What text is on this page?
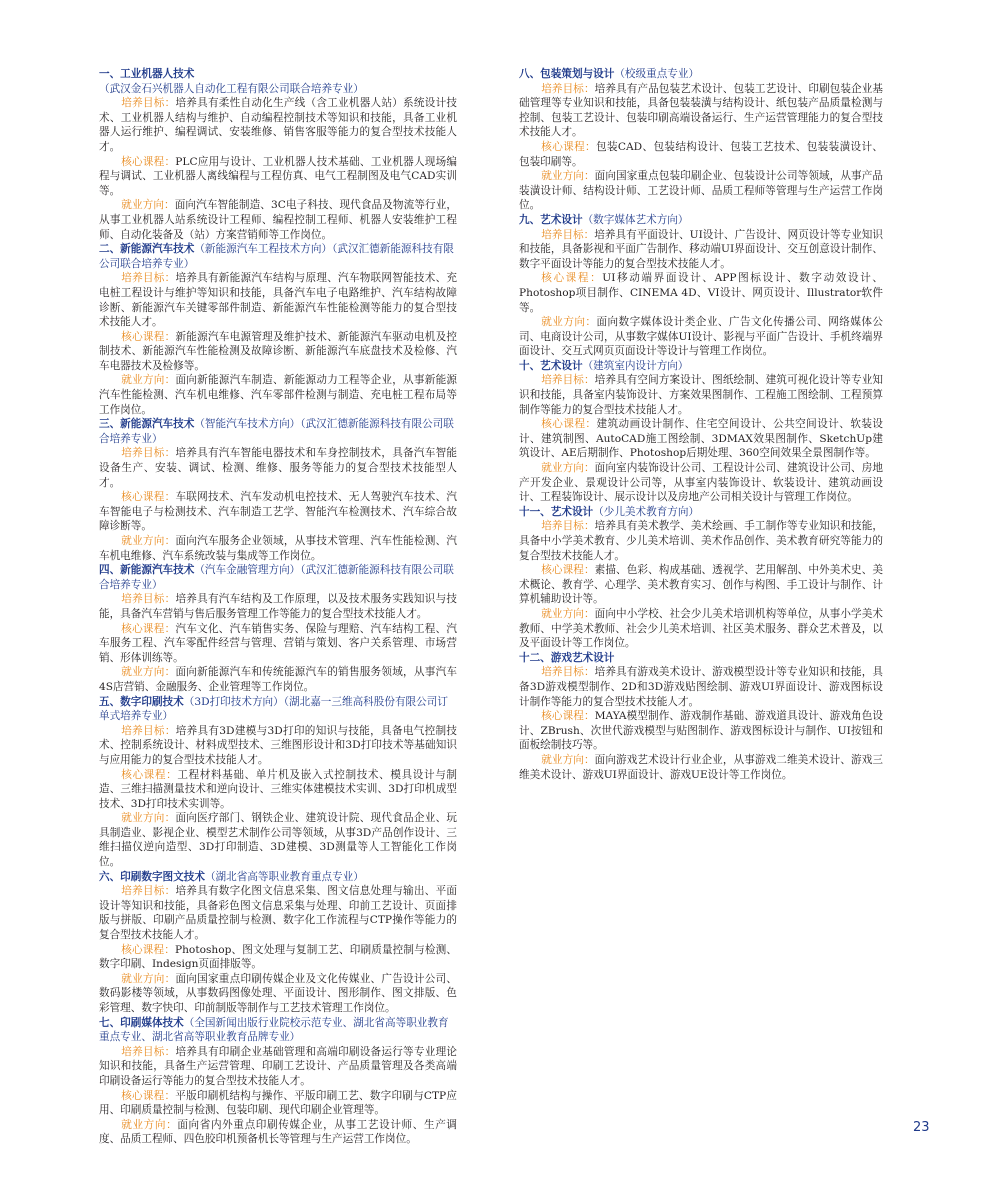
一、工业机器人技术（武汉金石兴机器人自动化工程有限公司联合培养专业）
培养目标：培养具有柔性自动化生产线（含工业机器人站）系统设计技术、工业机器人结构与维护、自动编程控制技术等知识和技能，具备工业机器人运行维护、编程调试、安装维修、销售客服等能力的复合型技术技能人才。
核心课程：PLC应用与设计、工业机器人技术基础、工业机器人现场编程与调试、工业机器人离线编程与工程仿真、电气工程制图及电气CAD实训等。
就业方向：面向汽车智能制造、3C电子科技、现代食品及物流等行业，从事工业机器人站系统设计工程师、编程控制工程师、机器人安装维护工程师、自动化装备及（站）方案营销师等工作岗位。
二、新能源汽车技术（新能源汽车工程技术方向）（武汉汇德新能源科技有限公司联合培养专业）
培养目标：培养具有新能源汽车结构与原理、汽车物联网智能技术、充电桩工程设计与维护等知识和技能，具备汽车电子电路维护、汽车结构故障诊断、新能源汽车关键零部件制造、新能源汽车性能检测等能力的复合型技术技能人才。
核心课程：新能源汽车电源管理及维护技术、新能源汽车驱动电机及控制技术、新能源汽车性能检测及故障诊断、新能源汽车底盘技术及检修、汽车电器技术及检修等。
就业方向：面向新能源汽车制造、新能源动力工程等企业，从事新能源汽车性能检测、汽车机电维修、汽车零部件检测与制造、充电桩工程布局等工作岗位。
三、新能源汽车技术（智能汽车技术方向）（武汉汇德新能源科技有限公司联合培养专业）
培养目标：培养具有汽车智能电器技术和车身控制技术，具备汽车智能设备生产、安装、调试、检测、维修、服务等能力的复合型技术技能型人才。
核心课程：车联网技术、汽车发动机电控技术、无人驾驶汽车技术、汽车智能电子与检测技术、汽车制造工艺学、智能汽车检测技术、汽车综合故障诊断等。
就业方向：面向汽车服务企业领域，从事技术管理、汽车性能检测、汽车机电维修、汽车系统改装与集成等工作岗位。
四、新能源汽车技术（汽车金融管理方向）（武汉汇德新能源科技有限公司联合培养专业）
培养目标：培养具有汽车结构及工作原理，以及技术服务实践知识与技能，具备汽车营销与售后服务管理工作等能力的复合型技术技能人才。
核心课程：汽车文化、汽车销售实务、保险与理赔、汽车结构工程、汽车服务工程、汽车零配件经营与管理、营销与策划、客户关系管理、市场营销、形体训练等。
就业方向：面向新能源汽车和传统能源汽车的销售服务领域，从事汽车4S店营销、金融服务、企业管理等工作岗位。
五、数字印刷技术（3D打印技术方向）（湖北嘉一三维高科股份有限公司订单式培养专业）
培养目标：培养具有3D建模与3D打印的知识与技能，具备电气控制技术、控制系统设计、材料成型技术、三维图形设计和3D打印技术等基础知识与应用能力的复合型技术技能人才。
核心课程：工程材料基础、单片机及嵌入式控制技术、模具设计与制造、三维扫描测量技术和逆向设计、三维实体建模技术实训、3D打印机成型技术、3D打印技术实训等。
就业方向：面向医疗部门、钢铁企业、建筑设计院、现代食品企业、玩具制造业、影视企业、模型艺术制作公司等领域，从事3D产品创作设计、三维扫描仪逆向造型、3D打印制造、3D建模、3D测量等人工智能化工作岗位。
六、印刷数字图文技术（湖北省高等职业教育重点专业）
培养目标：培养具有数字化图文信息采集、图文信息处理与输出、平面设计等知识和技能，具备彩色图文信息采集与处理、印前工艺设计、页面排版与拼版、印刷产品质量控制与检测、数字化工作流程与CTP操作等能力的复合型技术技能人才。
核心课程：Photoshop、图文处理与复制工艺、印刷质量控制与检测、数字印刷、Indesign页面排版等。
就业方向：面向国家重点印刷传媒企业及文化传媒业、广告设计公司、数码影楼等领域，从事数码图像处理、平面设计、图形制作、图文排版、色彩管理、数字快印、印前制版等制作与工艺技术管理工作岗位。
七、印刷媒体技术（全国新闻出版行业院校示范专业、湖北省高等职业教育重点专业、湖北省高等职业教育品牌专业）
培养目标：培养具有印刷企业基础管理和高端印刷设备运行等专业理论知识和技能，具备生产运营管理、印刷工艺设计、产品质量管理及各类高端印刷设备运行等能力的复合型技术技能人才。
核心课程：平版印刷机结构与操作、平版印刷工艺、数字印刷与CTP应用、印刷质量控制与检测、包装印刷、现代印刷企业管理等。
就业方向：面向省内外重点印刷传媒企业，从事工艺设计师、生产调度、品质工程师、四色胶印机预备机长等管理与生产运营工作岗位。
八、包装策划与设计（校级重点专业）
培养目标：培养具有产品包装艺术设计、包装工艺设计、印刷包装企业基础管理等专业知识和技能，具备包装装潢与结构设计、纸包装产品质量检测与控制、包装工艺设计、包装印刷高端设备运行、生产运营管理能力的复合型技术技能人才。
核心课程：包装CAD、包装结构设计、包装工艺技术、包装装潢设计、包装印刷等。
就业方向：面向国家重点包装印刷企业、包装设计公司等领域，从事产品装潢设计师、结构设计师、工艺设计师、品质工程师等管理与生产运营工作岗位。
九、艺术设计（数字媒体艺术方向）
培养目标：培养具有平面设计、UI设计、广告设计、网页设计等专业知识和技能，具备影视和平面广告制作、移动端UI界面设计、交互创意设计制作、数字平面设计等能力的复合型技术技能人才。
核心课程：UI移动端界面设计、APP图标设计、数字动效设计、Photoshop项目制作、CINEMA 4D、VI设计、网页设计、Illustrator软件等。
就业方向：面向数字媒体设计类企业、广告文化传播公司、网络媒体公司、电商设计公司，从事数字媒体UI设计、影视与平面广告设计、手机终端界面设计、交互式网页页面设计等设计与管理工作岗位。
十、艺术设计（建筑室内设计方向）
培养目标：培养具有空间方案设计、图纸绘制、建筑可视化设计等专业知识和技能，具备室内装饰设计、方案效果图制作、工程施工图绘制、工程预算制作等能力的复合型技术技能人才。
核心课程：建筑动画设计制作、住宅空间设计、公共空间设计、软装设计、建筑制图、AutoCAD施工图绘制、3DMAX效果图制作、SketchUp建筑设计、AE后期制作、Photoshop后期处理、360空间效果全景图制作等。
就业方向：面向室内装饰设计公司、工程设计公司、建筑设计公司、房地产开发企业、景观设计公司等，从事室内装饰设计、软装设计、建筑动画设计、工程装饰设计、展示设计以及房地产公司相关设计与管理工作岗位。
十一、艺术设计（少儿美术教育方向）
培养目标：培养具有美术教学、美术绘画、手工制作等专业知识和技能，具备中小学美术教育、少儿美术培训、美术作品创作、美术教育研究等能力的复合型技术技能人才。
核心课程：素描、色彩、构成基础、透视学、艺用解剖、中外美术史、美术概论、教育学、心理学、美术教育实习、创作与构图、手工设计与制作、计算机辅助设计等。
就业方向：面向中小学校、社会少儿美术培训机构等单位，从事小学美术教师、中学美术教师、社会少儿美术培训、社区美术服务、群众艺术普及，以及平面设计等工作岗位。
十二、游戏艺术设计
培养目标：培养具有游戏美术设计、游戏模型设计等专业知识和技能，具备3D游戏模型制作、2D和3D游戏贴图绘制、游戏UI界面设计、游戏图标设计制作等能力的复合型技术技能人才。
核心课程：MAYA模型制作、游戏制作基础、游戏道具设计、游戏角色设计、ZBrush、次世代游戏模型与贴图制作、游戏图标设计与制作、UI按钮和面板绘制技巧等。
就业方向：面向游戏艺术设计行业企业，从事游戏二维美术设计、游戏三维美术设计、游戏UI界面设计、游戏UE设计等工作岗位。
23
